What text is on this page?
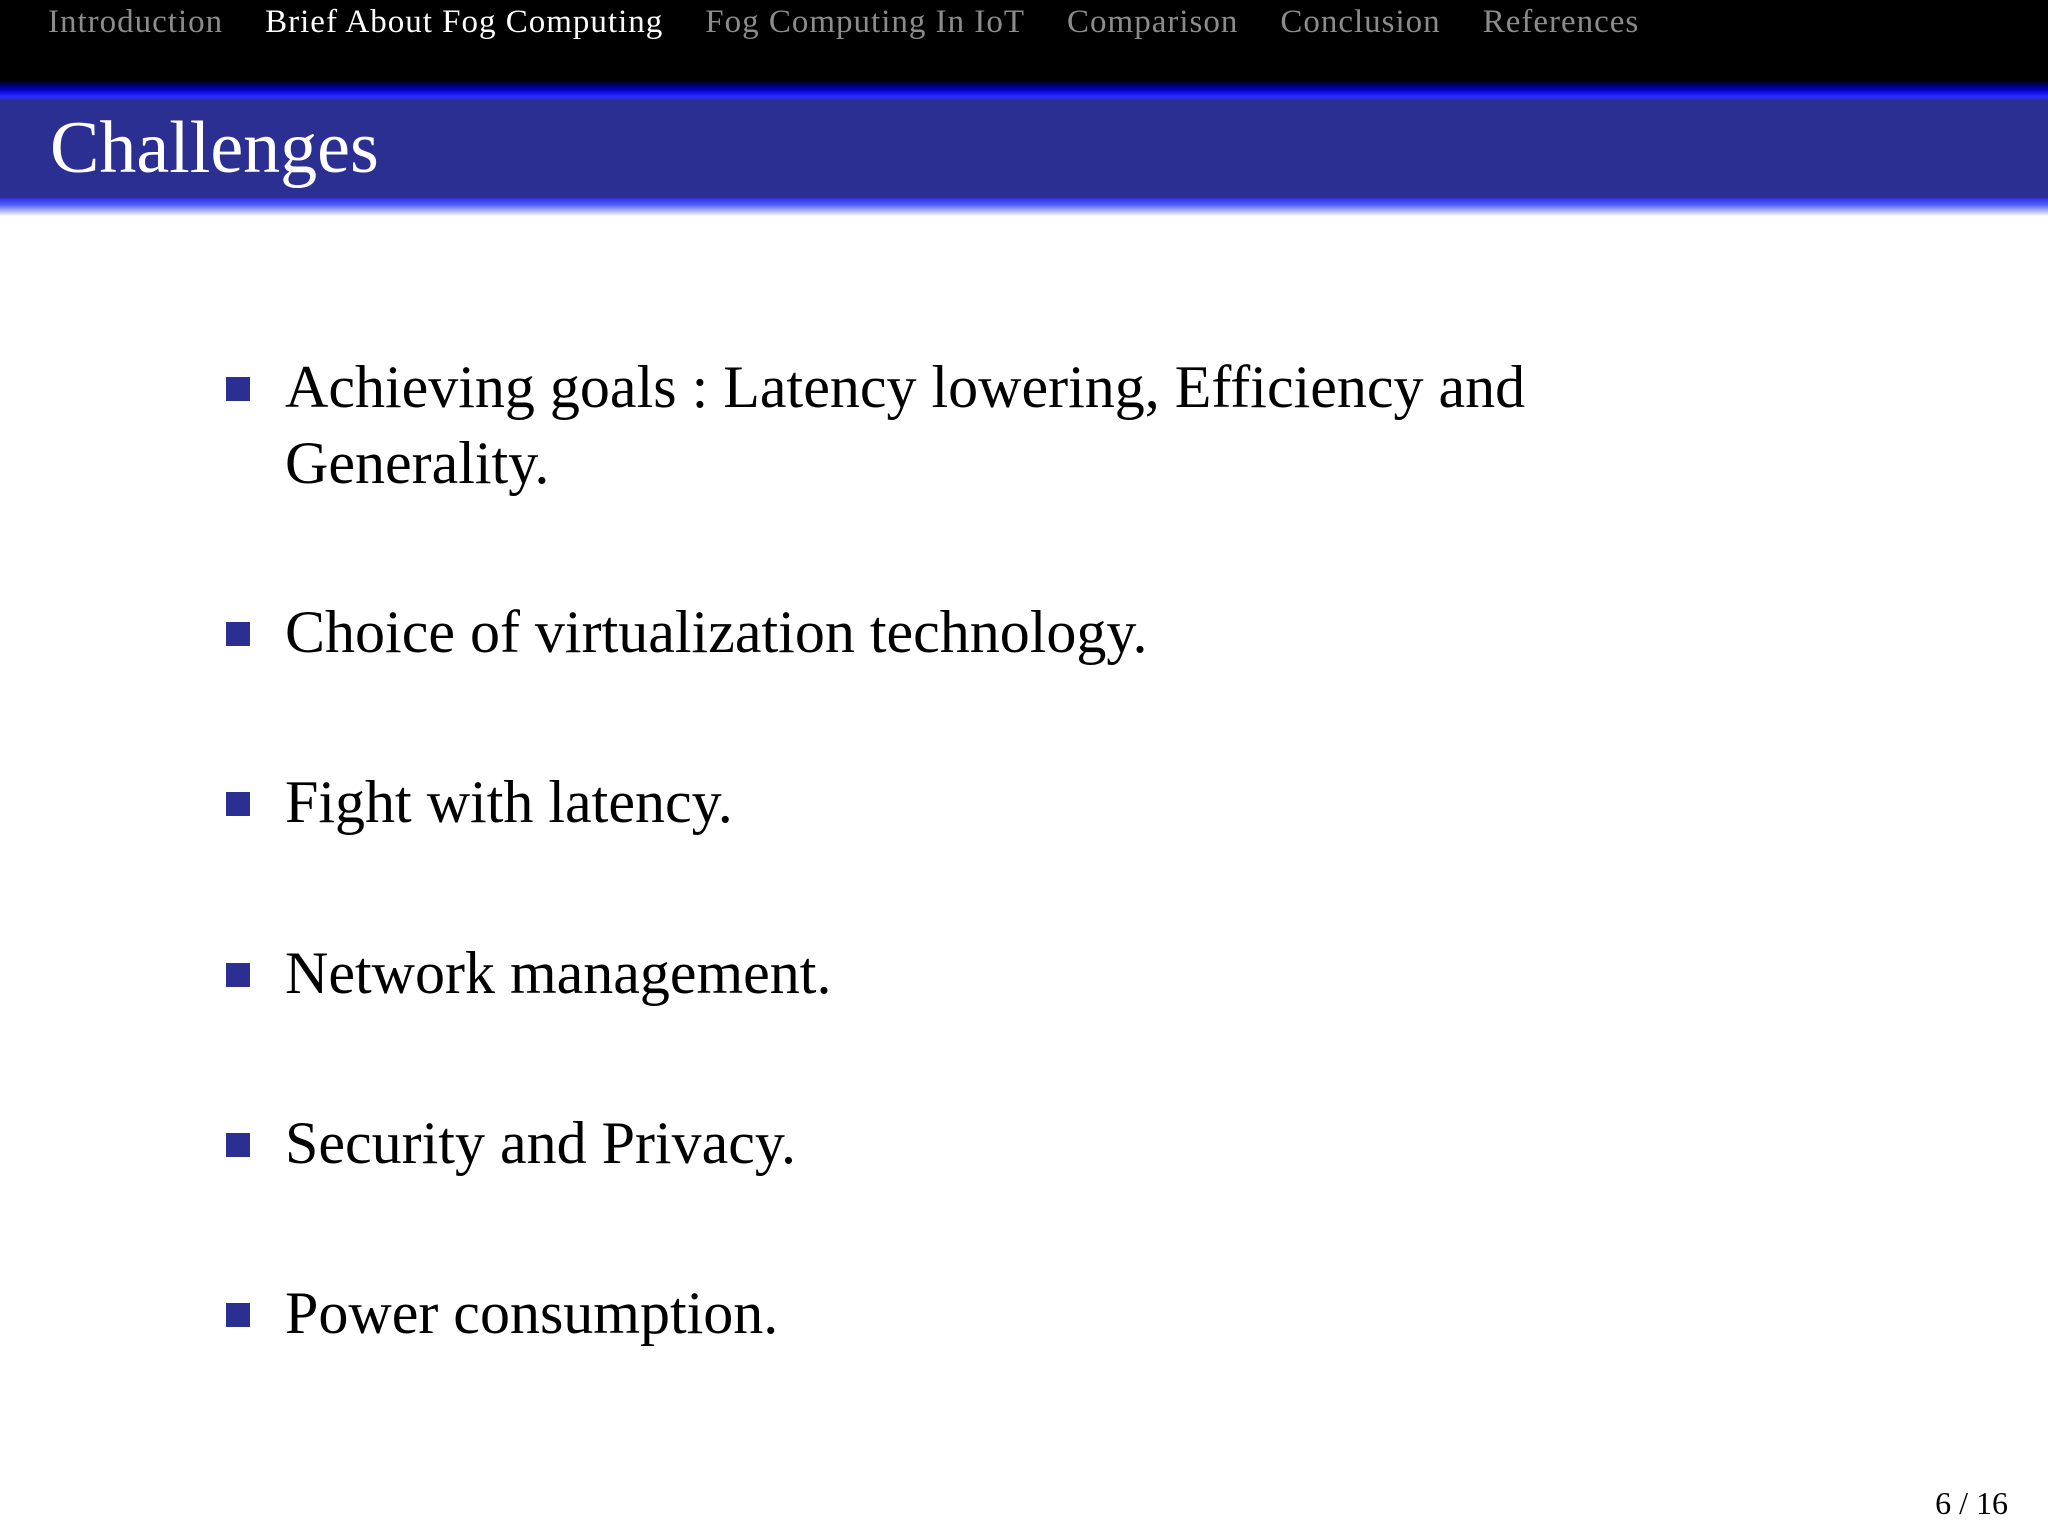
Introduction Brief About Fog Computing Fog Computing In IoT Comparison Conclusion References
Challenges
Achieving goals : Latency lowering, Efficiency and
Generality.
Choice of virtualization technology.
Fight with latency.
Network management.
Security and Privacy.
Power consumption.
6 / 16
